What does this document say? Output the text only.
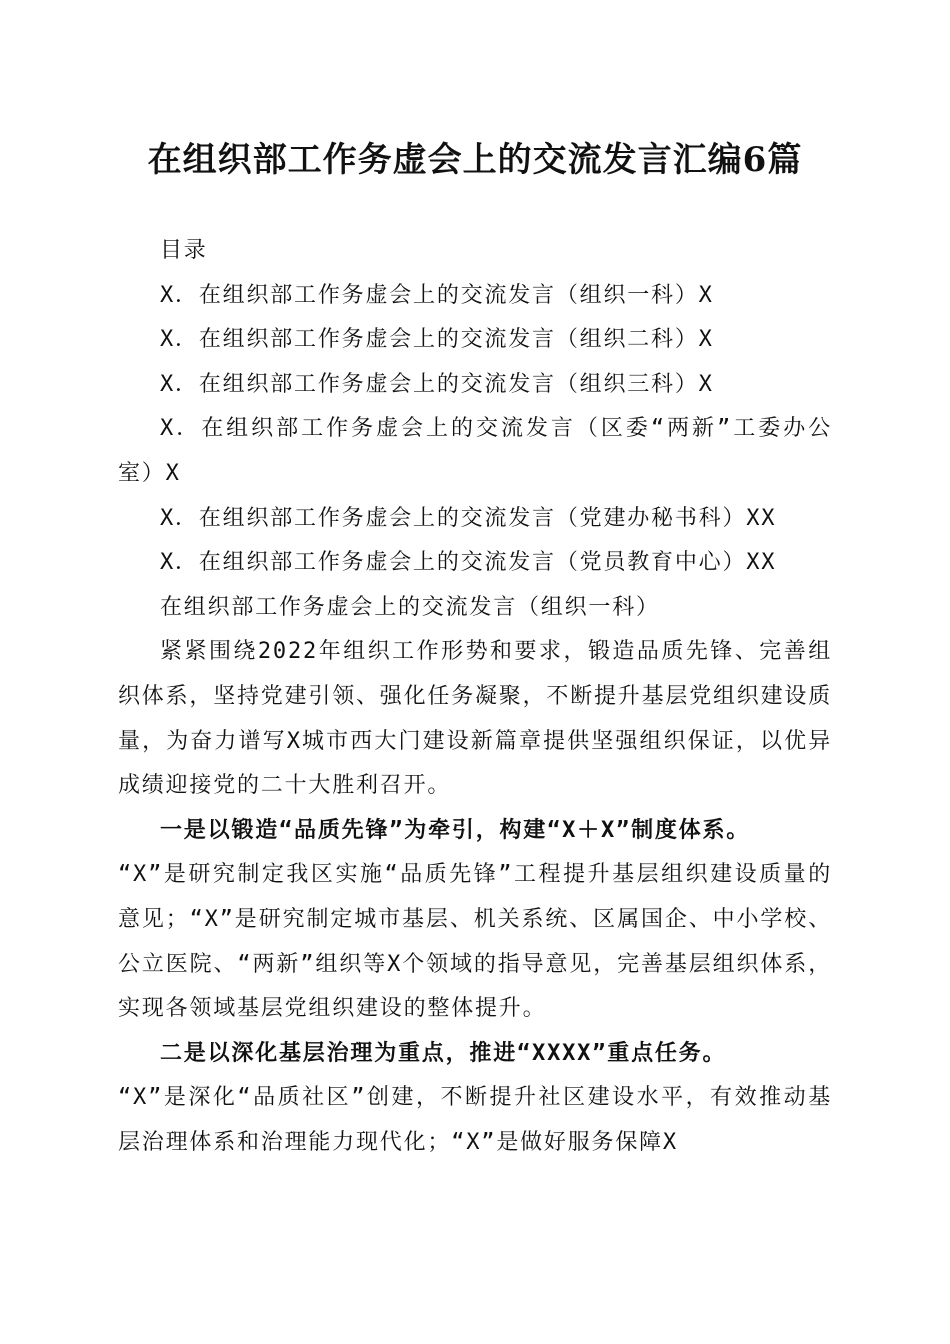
在组织部工作务虚会上的交流发言汇编6篇

目录

X．在组织部工作务虚会上的交流发言（组织一科）X

X．在组织部工作务虚会上的交流发言（组织二科）X

X．在组织部工作务虚会上的交流发言（组织三科）X

X．在组织部工作务虚会上的交流发言（区委“两新”工委办公室）X

X．在组织部工作务虚会上的交流发言（党建办秘书科）XX

X．在组织部工作务虚会上的交流发言（党员教育中心）XX

在组织部工作务虚会上的交流发言（组织一科）

紧紧围绕2022年组织工作形势和要求，锻造品质先锋、完善组织体系，坚持党建引领、强化任务凝聚，不断提升基层党组织建设质量，为奋力谱写X城市西大门建设新篇章提供坚强组织保证，以优异成绩迎接党的二十大胜利召开。

一是以锻造“品质先锋”为牵引，构建“X＋X”制度体系。

“X”是研究制定我区实施“品质先锋”工程提升基层组织建设质量的意见；“X”是研究制定城市基层、机关系统、区属国企、中小学校、公立医院、“两新”组织等X个领域的指导意见，完善基层组织体系，实现各领域基层党组织建设的整体提升。

二是以深化基层治理为重点，推进“XXXX”重点任务。

“X”是深化“品质社区”创建，不断提升社区建设水平，有效推动基层治理体系和治理能力现代化；“X”是做好服务保障X
